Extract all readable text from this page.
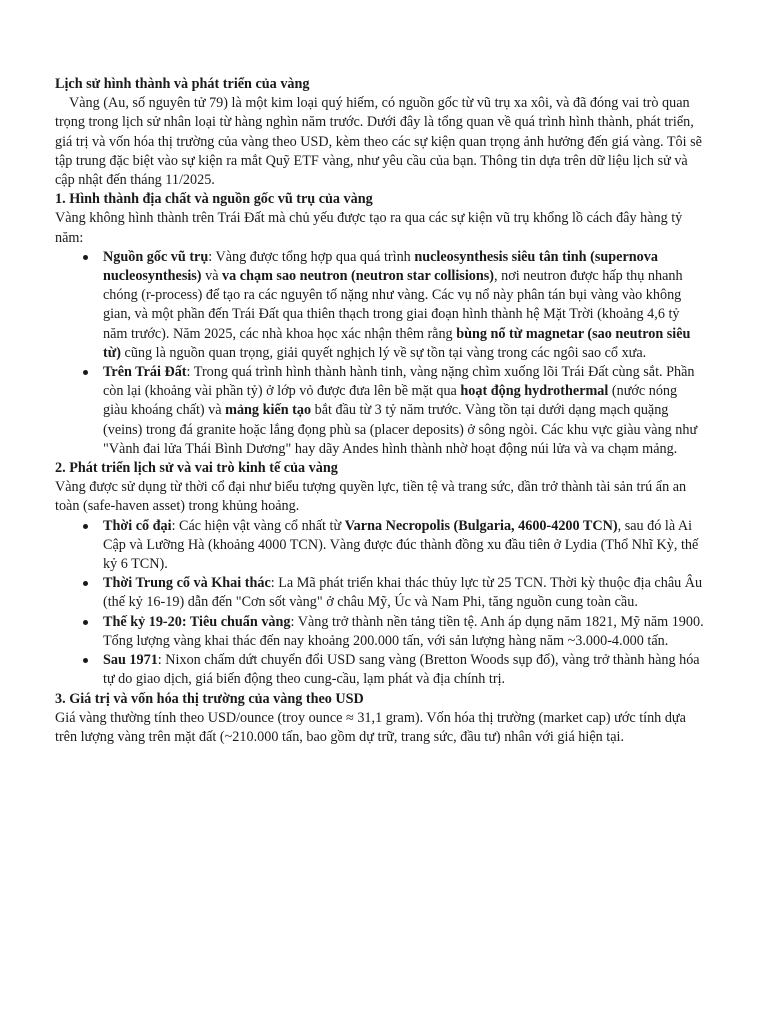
Lịch sử hình thành và phát triển của vàng

Vàng (Au, số nguyên tử 79) là một kim loại quý hiếm, có nguồn gốc từ vũ trụ xa xôi, và đã đóng vai trò quan trọng trong lịch sử nhân loại từ hàng nghìn năm trước. Dưới đây là tổng quan về quá trình hình thành, phát triển, giá trị và vốn hóa thị trường của vàng theo USD, kèm theo các sự kiện quan trọng ảnh hưởng đến giá vàng. Tôi sẽ tập trung đặc biệt vào sự kiện ra mắt Quỹ ETF vàng, như yêu cầu của bạn. Thông tin dựa trên dữ liệu lịch sử và cập nhật đến tháng 11/2025.

1. Hình thành địa chất và nguồn gốc vũ trụ của vàng

Vàng không hình thành trên Trái Đất mà chủ yếu được tạo ra qua các sự kiện vũ trụ khổng lồ cách đây hàng tỷ năm:

Nguồn gốc vũ trụ: Vàng được tổng hợp qua quá trình nucleosynthesis siêu tân tinh (supernova nucleosynthesis) và va chạm sao neutron (neutron star collisions), nơi neutron được hấp thụ nhanh chóng (r-process) để tạo ra các nguyên tố nặng như vàng. Các vụ nổ này phân tán bụi vàng vào không gian, và một phần đến Trái Đất qua thiên thạch trong giai đoạn hình thành hệ Mặt Trời (khoảng 4,6 tỷ năm trước). Năm 2025, các nhà khoa học xác nhận thêm rằng bùng nổ từ magnetar (sao neutron siêu từ) cũng là nguồn quan trọng, giải quyết nghịch lý về sự tồn tại vàng trong các ngôi sao cổ xưa.
Trên Trái Đất: Trong quá trình hình thành hành tinh, vàng nặng chìm xuống lõi Trái Đất cùng sắt. Phần còn lại (khoảng vài phần tỷ) ở lớp vỏ được đưa lên bề mặt qua hoạt động hydrothermal (nước nóng giàu khoáng chất) và mảng kiến tạo bắt đầu từ 3 tỷ năm trước. Vàng tồn tại dưới dạng mạch quặng (veins) trong đá granite hoặc lắng đọng phù sa (placer deposits) ở sông ngòi. Các khu vực giàu vàng như "Vành đai lửa Thái Bình Dương" hay dãy Andes hình thành nhờ hoạt động núi lửa và va chạm mảng.

2. Phát triển lịch sử và vai trò kinh tế của vàng

Vàng được sử dụng từ thời cổ đại như biểu tượng quyền lực, tiền tệ và trang sức, dần trở thành tài sản trú ẩn an toàn (safe-haven asset) trong khủng hoảng.

Thời cổ đại: Các hiện vật vàng cổ nhất từ Varna Necropolis (Bulgaria, 4600-4200 TCN), sau đó là Ai Cập và Lưỡng Hà (khoảng 4000 TCN). Vàng được đúc thành đồng xu đầu tiên ở Lydia (Thổ Nhĩ Kỳ, thế kỷ 6 TCN).
Thời Trung cổ và Khai thác: La Mã phát triển khai thác thủy lực từ 25 TCN. Thời kỳ thuộc địa châu Âu (thế kỷ 16-19) dẫn đến "Cơn sốt vàng" ở châu Mỹ, Úc và Nam Phi, tăng nguồn cung toàn cầu.
Thế kỷ 19-20: Tiêu chuẩn vàng: Vàng trở thành nền tảng tiền tệ. Anh áp dụng năm 1821, Mỹ năm 1900. Tổng lượng vàng khai thác đến nay khoảng 200.000 tấn, với sản lượng hàng năm ~3.000-4.000 tấn.
Sau 1971: Nixon chấm dứt chuyển đổi USD sang vàng (Bretton Woods sụp đổ), vàng trở thành hàng hóa tự do giao dịch, giá biến động theo cung-cầu, lạm phát và địa chính trị.

3. Giá trị và vốn hóa thị trường của vàng theo USD

Giá vàng thường tính theo USD/ounce (troy ounce ≈ 31,1 gram). Vốn hóa thị trường (market cap) ước tính dựa trên lượng vàng trên mặt đất (~210.000 tấn, bao gồm dự trữ, trang sức, đầu tư) nhân với giá hiện tại.
